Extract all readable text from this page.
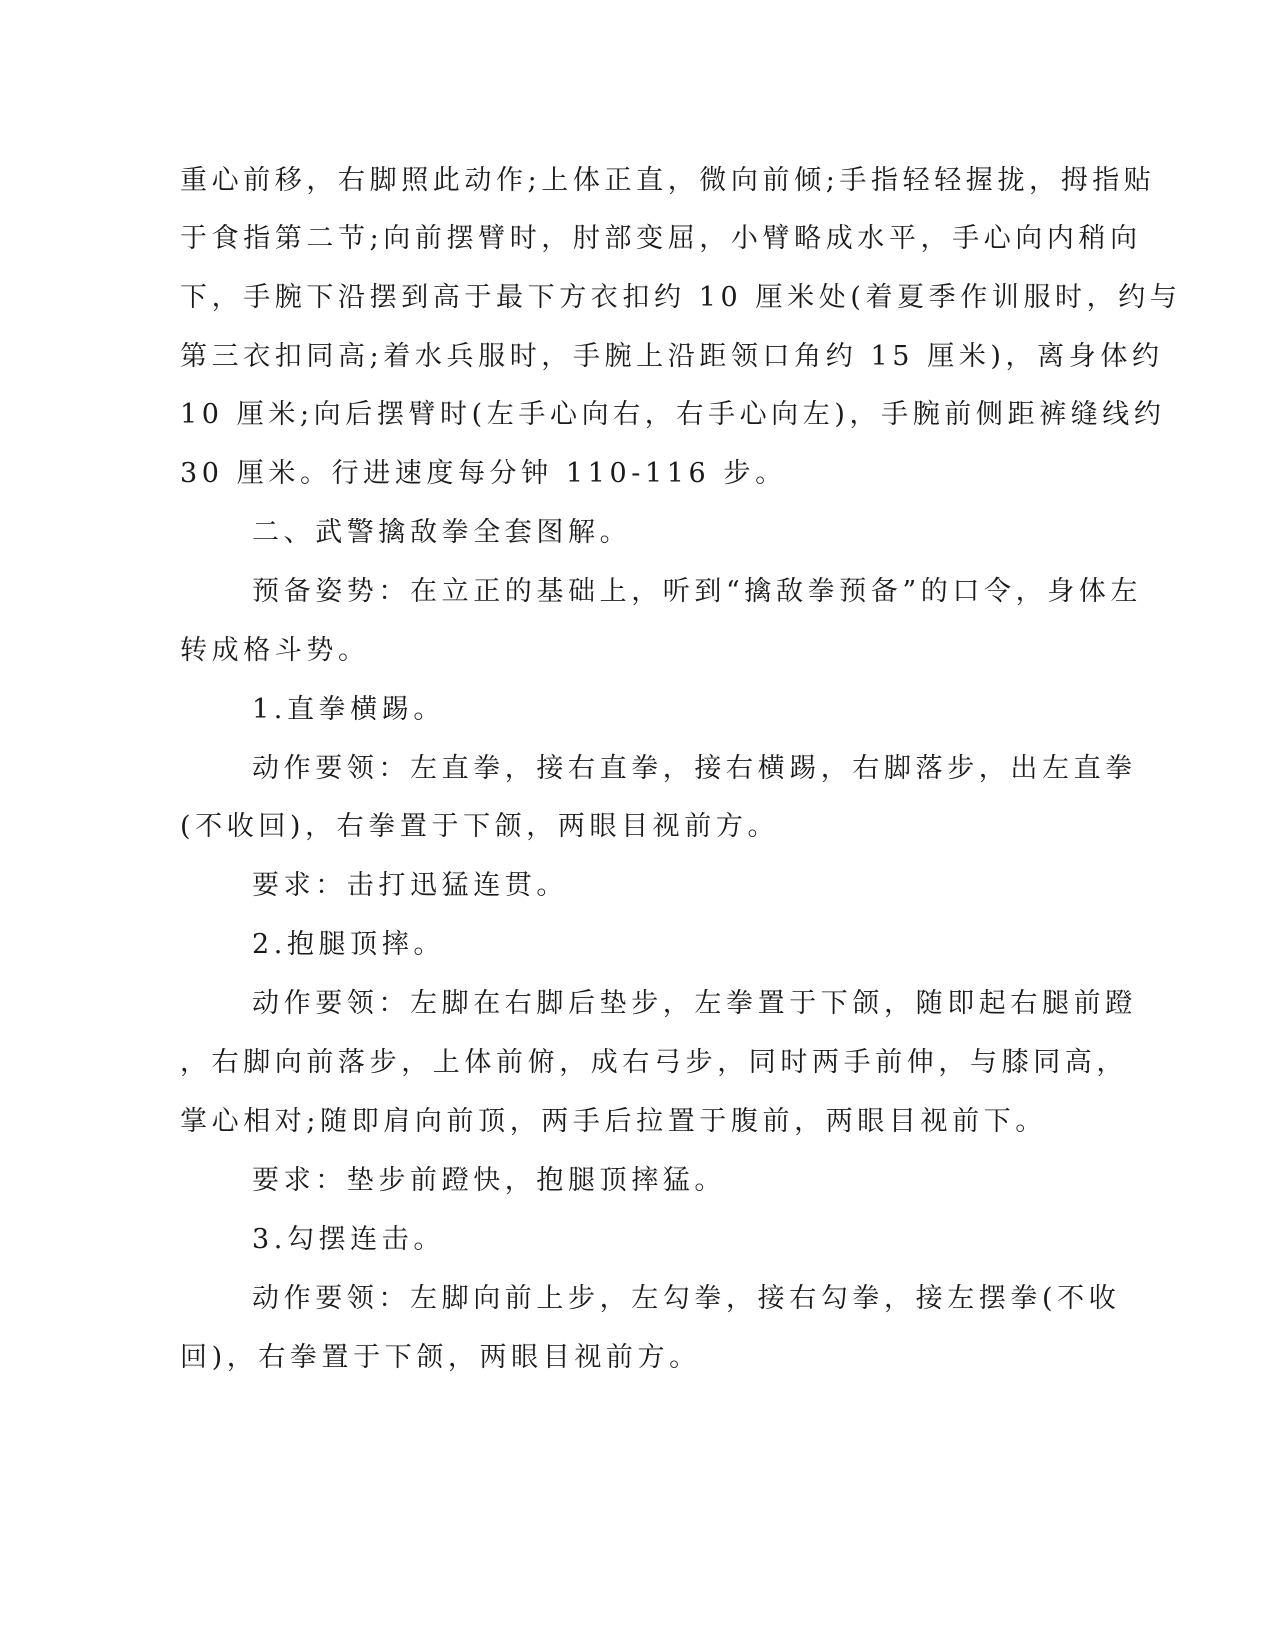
重心前移，右脚照此动作;上体正直，微向前倾;手指轻轻握拢，拇指贴

于食指第二节;向前摆臂时，肘部变屈，小臂略成水平，手心向内稍向

下，手腕下沿摆到高于最下方衣扣约 10 厘米处(着夏季作训服时，约与

第三衣扣同高;着水兵服时，手腕上沿距领口角约 15 厘米)，离身体约

10 厘米;向后摆臂时(左手心向右，右手心向左)，手腕前侧距裤缝线约

30 厘米。行进速度每分钟 110-116 步。

二、武警擒敌拳全套图解。

预备姿势：在立正的基础上，听到“擒敌拳预备”的口令，身体左

转成格斗势。

1.直拳横踢。

动作要领：左直拳，接右直拳，接右横踢，右脚落步，出左直拳

(不收回)，右拳置于下颌，两眼目视前方。

要求：击打迅猛连贯。

2.抱腿顶摔。

动作要领：左脚在右脚后垫步，左拳置于下颌，随即起右腿前蹬

，右脚向前落步，上体前俯，成右弓步，同时两手前伸，与膝同高，

掌心相对;随即肩向前顶，两手后拉置于腹前，两眼目视前下。

要求：垫步前蹬快，抱腿顶摔猛。

3.勾摆连击。

动作要领：左脚向前上步，左勾拳，接右勾拳，接左摆拳(不收

回)，右拳置于下颌，两眼目视前方。
